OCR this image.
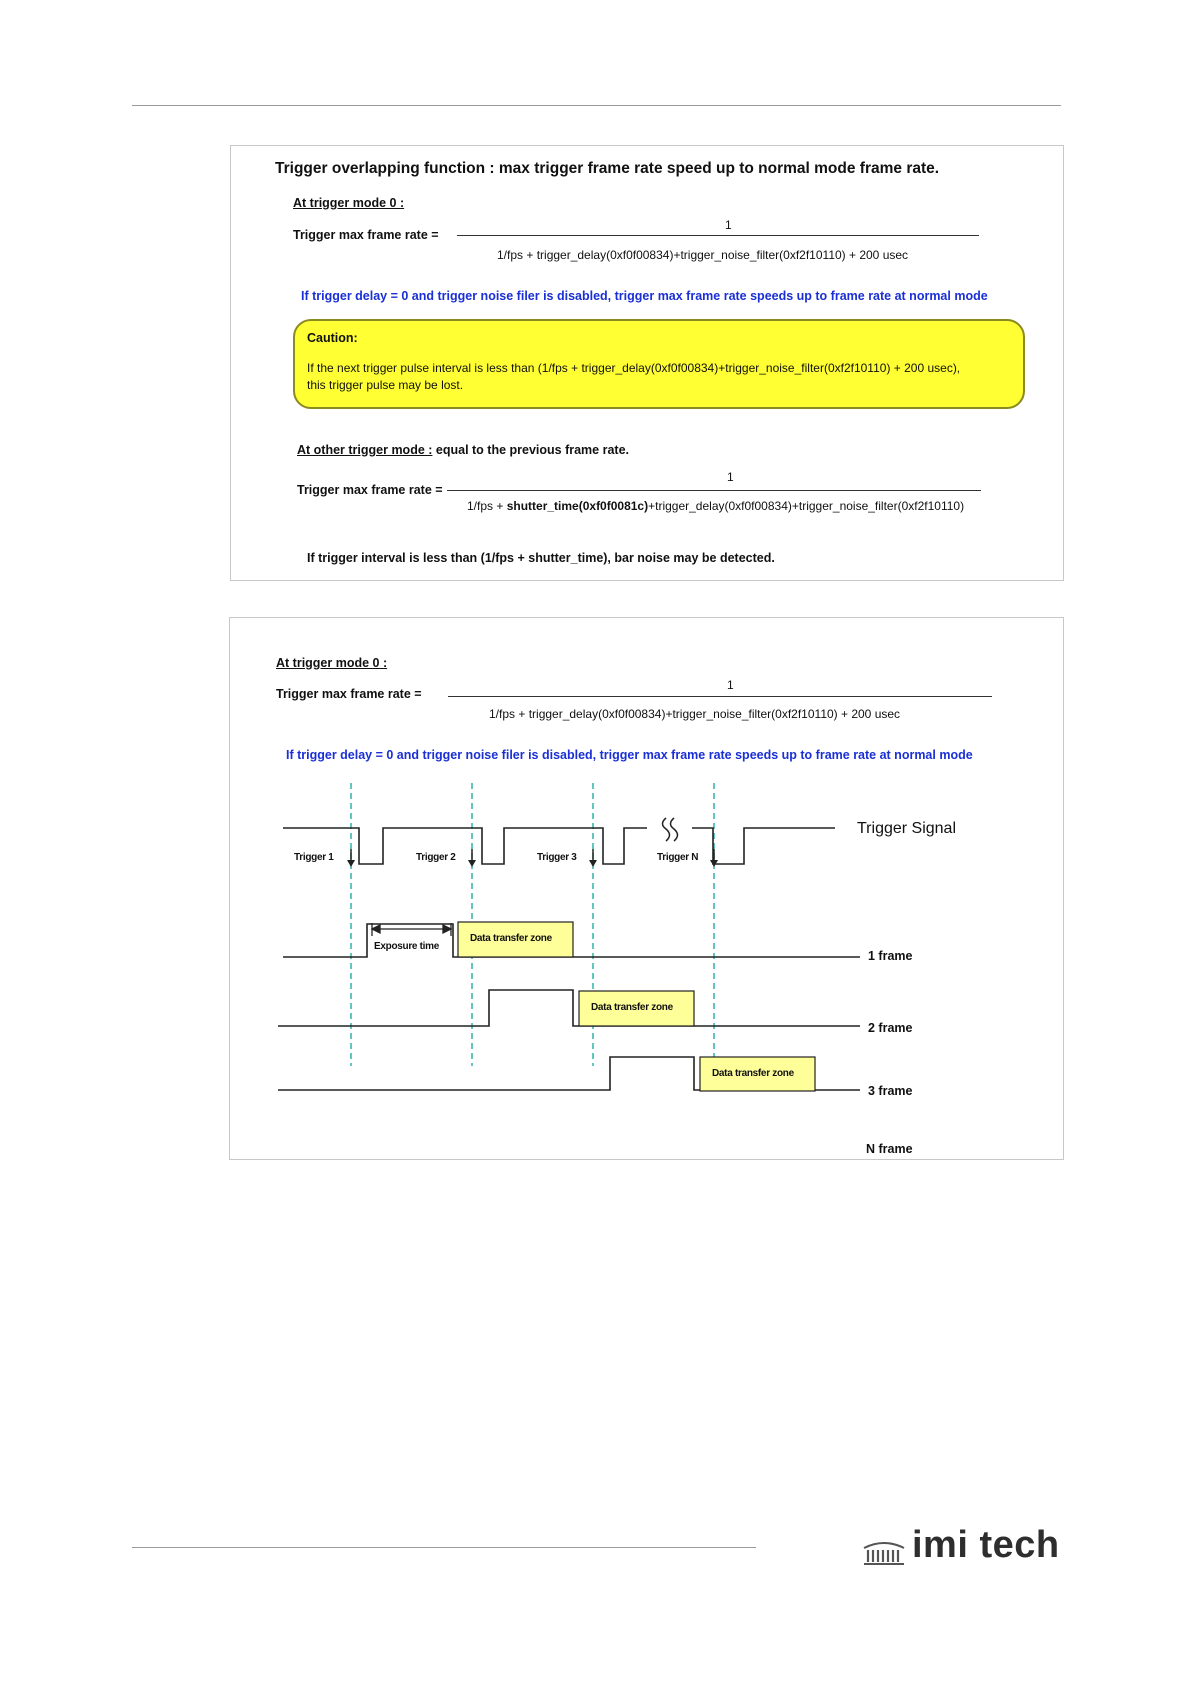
Trigger overlapping function : max trigger frame rate speed up to normal mode frame rate.
At trigger mode 0 :
Trigger max frame rate =
1
1/fps + trigger_delay(0xf0f00834)+trigger_noise_filter(0xf2f10110) + 200 usec
If trigger delay = 0 and trigger noise filer is disabled, trigger max frame rate speeds up to frame rate at normal mode
Caution:
If the next trigger pulse interval is less than (1/fps + trigger_delay(0xf0f00834)+trigger_noise_filter(0xf2f10110) + 200 usec),
this trigger pulse may be lost.
At other trigger mode : equal to the previous frame rate.
Trigger max frame rate =
1
1/fps + shutter_time(0xf0f0081c)+trigger_delay(0xf0f00834)+trigger_noise_filter(0xf2f10110)
If trigger interval is less than (1/fps + shutter_time), bar noise may be detected.
At trigger mode 0 :
Trigger max frame rate =
1
1/fps + trigger_delay(0xf0f00834)+trigger_noise_filter(0xf2f10110) + 200 usec
If trigger delay = 0 and trigger noise filer is disabled, trigger max frame rate speeds up to frame rate at normal mode
Trigger 1	Trigger 2	Trigger 3	Trigger N
Trigger Signal
Exposure time
Data transfer zone
Data transfer zone
Data transfer zone
1 frame
2 frame
3 frame
N frame
imi tech
